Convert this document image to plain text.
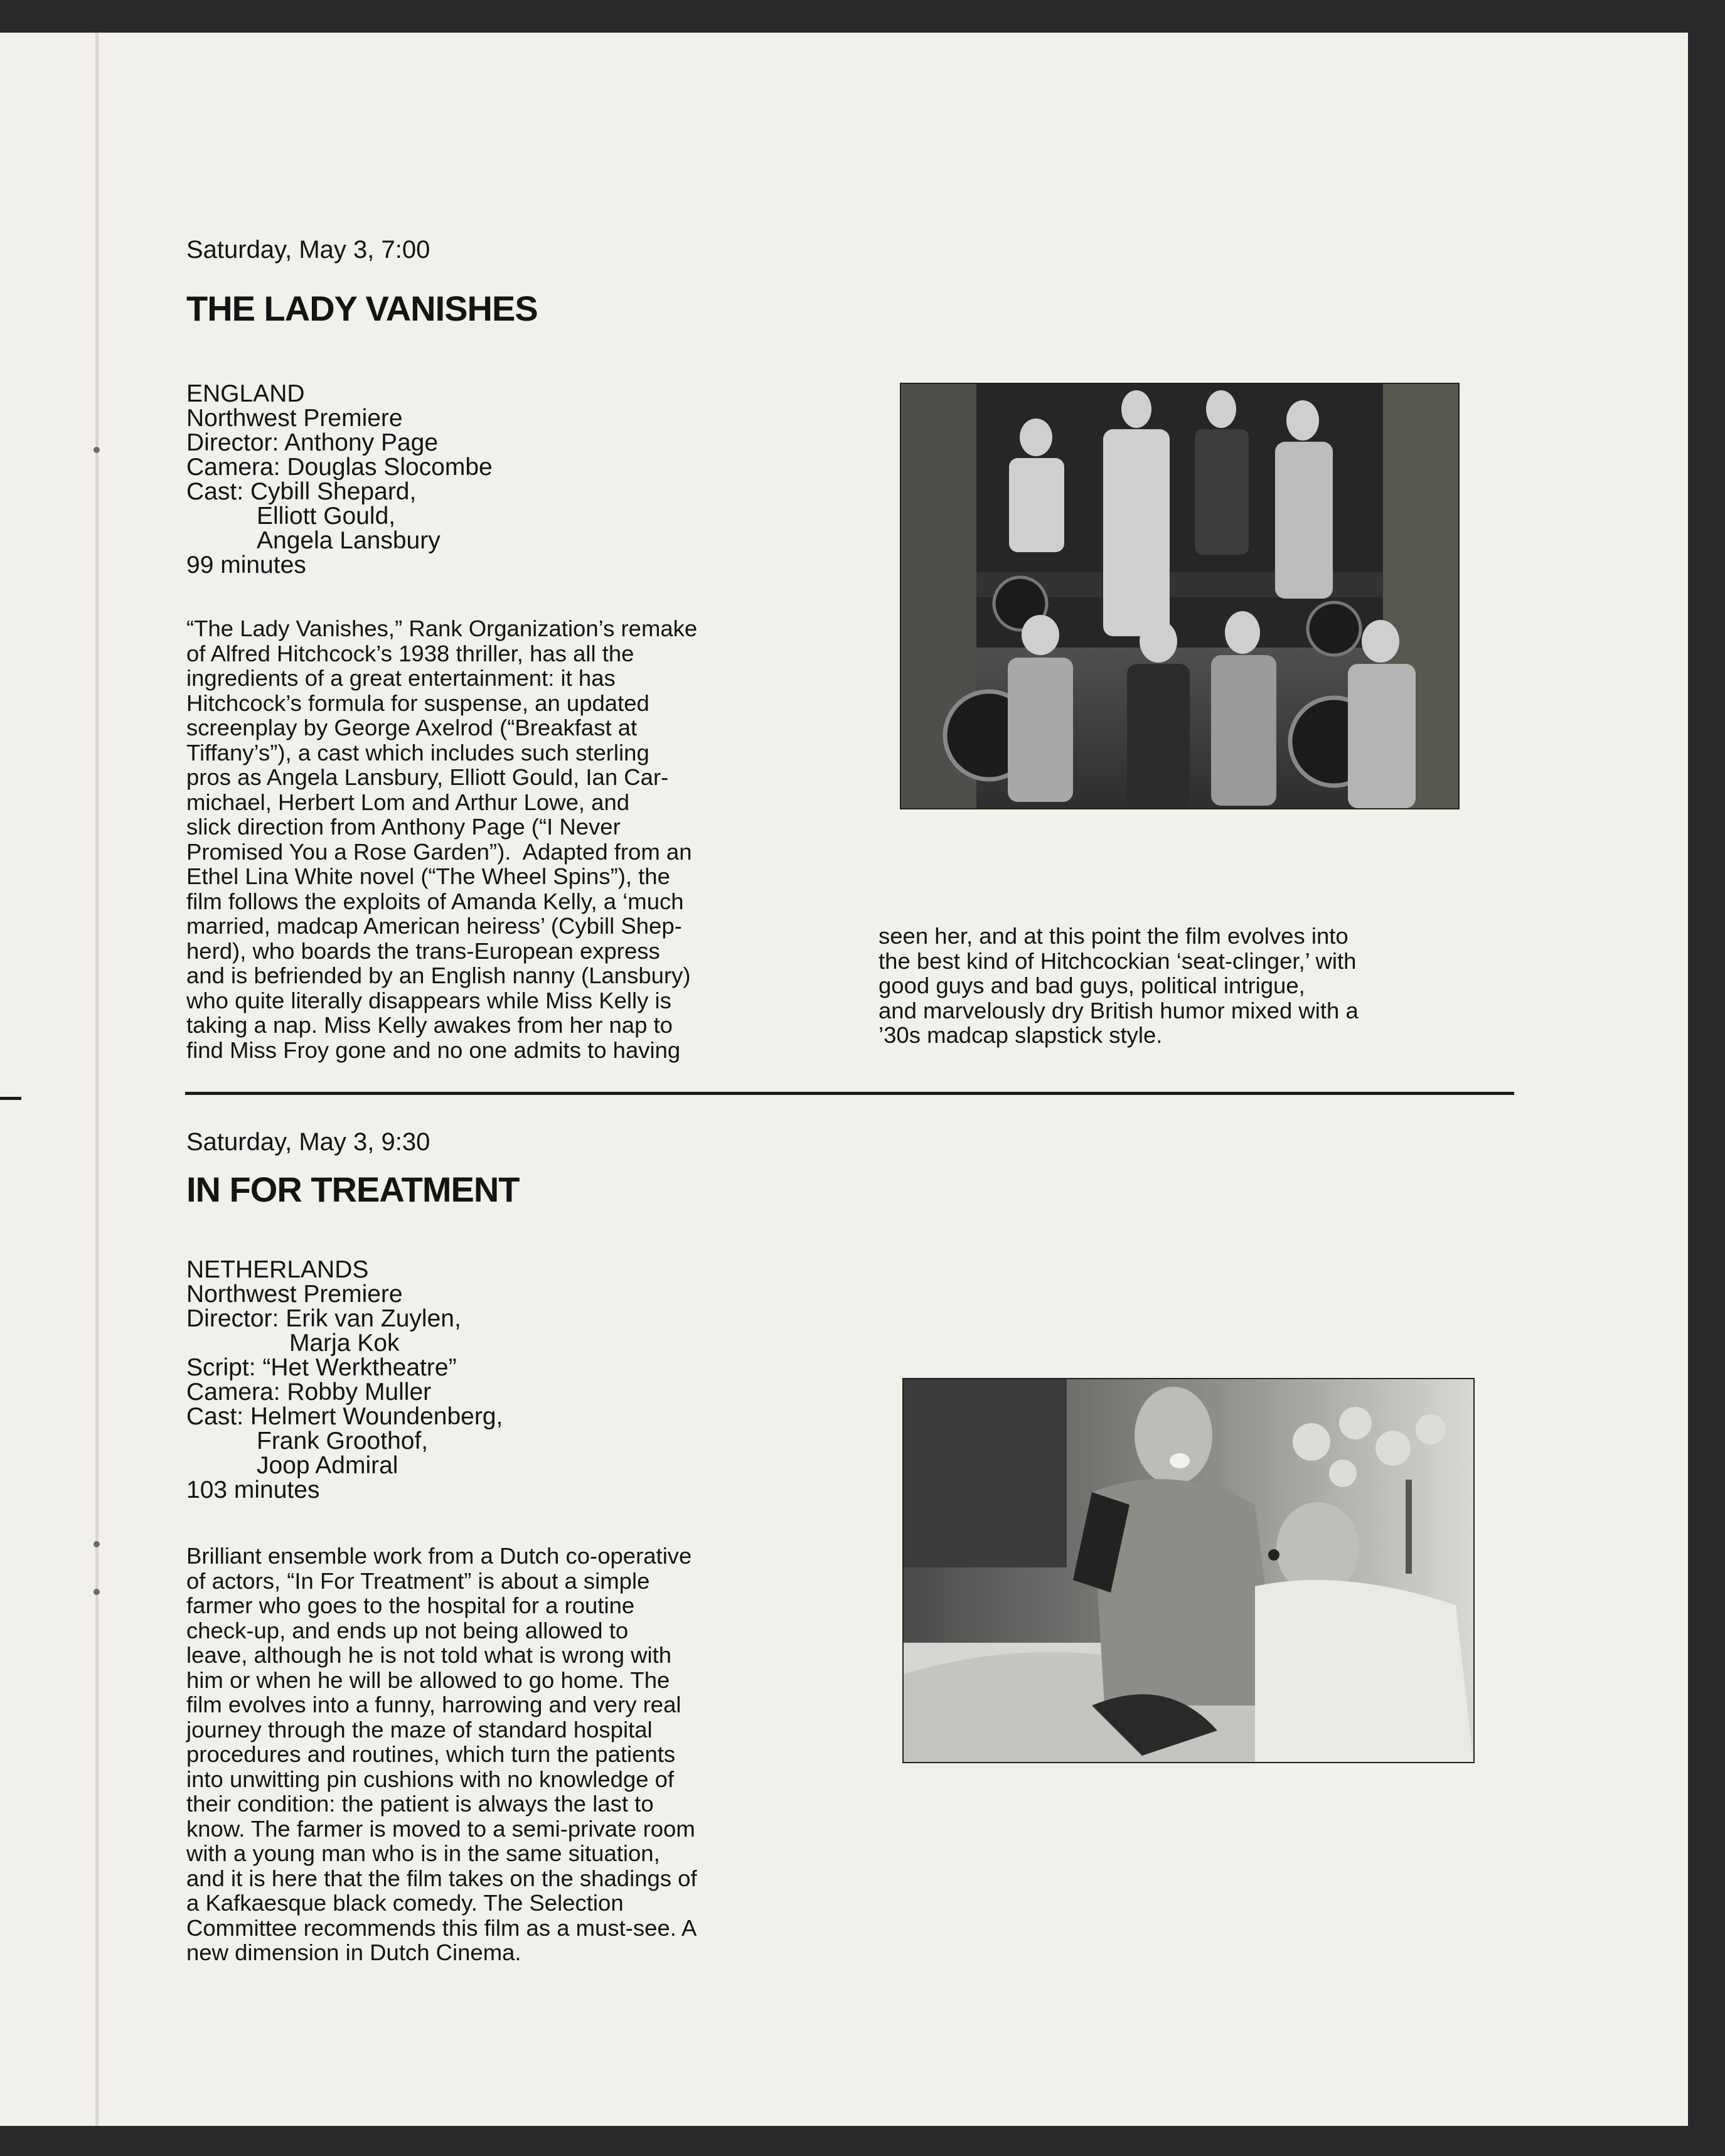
Saturday, May 3, 7:00
THE LADY VANISHES
ENGLAND
Northwest Premiere
Director: Anthony Page
Camera: Douglas Slocombe
Cast: Cybill Shepard,
Elliott Gould,
Angela Lansbury
99 minutes
“The Lady Vanishes,” Rank Organization’s remake
of Alfred Hitchcock’s 1938 thriller, has all the
ingredients of a great entertainment: it has
Hitchcock’s formula for suspense, an updated
screenplay by George Axelrod (“Breakfast at
Tiffany’s”), a cast which includes such sterling
pros as Angela Lansbury, Elliott Gould, Ian Car-
michael, Herbert Lom and Arthur Lowe, and
slick direction from Anthony Page (“I Never
Promised You a Rose Garden”).  Adapted from an
Ethel Lina White novel (“The Wheel Spins”), the
film follows the exploits of Amanda Kelly, a ‘much
married, madcap American heiress’ (Cybill Shep-
herd), who boards the trans-European express
and is befriended by an English nanny (Lansbury)
who quite literally disappears while Miss Kelly is
taking a nap. Miss Kelly awakes from her nap to
find Miss Froy gone and no one admits to having
seen her, and at this point the film evolves into
the best kind of Hitchcockian ‘seat-clinger,’ with
good guys and bad guys, political intrigue,
and marvelously dry British humor mixed with a
’30s madcap slapstick style.
Saturday, May 3, 9:30
IN FOR TREATMENT
NETHERLANDS
Northwest Premiere
Director: Erik van Zuylen,
Marja Kok
Script: “Het Werktheatre”
Camera: Robby Muller
Cast: Helmert Woundenberg,
Frank Groothof,
Joop Admiral
103 minutes
Brilliant ensemble work from a Dutch co-operative
of actors, “In For Treatment” is about a simple
farmer who goes to the hospital for a routine
check-up, and ends up not being allowed to
leave, although he is not told what is wrong with
him or when he will be allowed to go home. The
film evolves into a funny, harrowing and very real
journey through the maze of standard hospital
procedures and routines, which turn the patients
into unwitting pin cushions with no knowledge of
their condition: the patient is always the last to
know. The farmer is moved to a semi-private room
with a young man who is in the same situation,
and it is here that the film takes on the shadings of
a Kafkaesque black comedy. The Selection
Committee recommends this film as a must-see. A
new dimension in Dutch Cinema.
